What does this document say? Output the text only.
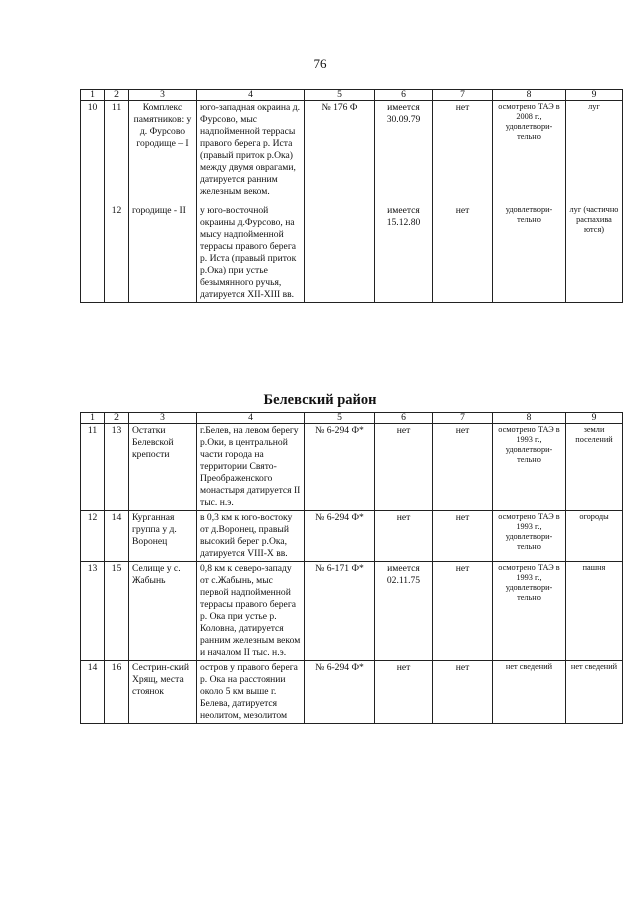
76
1	2	3	4	5	6	7	8	9
10	11	Комплекс памятников: у д. Фурсово городище – I	юго-западная окраина д. Фурсово, мыс надпойменной террасы правого берега р. Иста (правый приток р.Ока) между двумя оврагами, датируется ранним железным веком.	№ 176 Ф	имеется 30.09.79	нет	осмотрено ТАЭ в 2008 г., удовлетвори-тельно	луг
	12	городище - II	у юго-восточной окраины д.Фурсово, на мысу надпойменной террасы правого берега р. Иста (правый приток р.Ока) при устье безымянного ручья, датируется XII-XIII вв.		имеется 15.12.80	нет	удовлетвори-тельно	луг (частично распахива ются)
Белевский район
1	2	3	4	5	6	7	8	9
11	13	Остатки Белевской крепости	г.Белев, на левом берегу р.Оки, в центральной части города на территории Свято-Преображенского монастыря датируется II тыс. н.э.	№ 6-294 Ф*	нет	нет	осмотрено ТАЭ в 1993 г., удовлетвори-тельно	земли поселений
12	14	Курганная группа у д. Воронец	в 0,3 км к юго-востоку от д.Воронец, правый высокий берег р.Ока, датируется VIII-X вв.	№ 6-294 Ф*	нет	нет	осмотрено ТАЭ в 1993 г., удовлетвори-тельно	огороды
13	15	Селище у с. Жабынь	0,8 км к северо-западу от с.Жабынь, мыс первой надпойменной террасы правого берега р. Ока при устье р. Коловна, датируется ранним железным веком и началом II тыс. н.э.	№ 6-171 Ф*	имеется 02.11.75	нет	осмотрено ТАЭ в 1993 г., удовлетвори-тельно	пашня
14	16	Сестрин-ский Хрящ, места стоянок	остров у правого берега р. Ока на расстоянии около 5 км выше г. Белева, датируется неолитом, мезолитом	№ 6-294 Ф*	нет	нет	нет сведений	нет сведений
